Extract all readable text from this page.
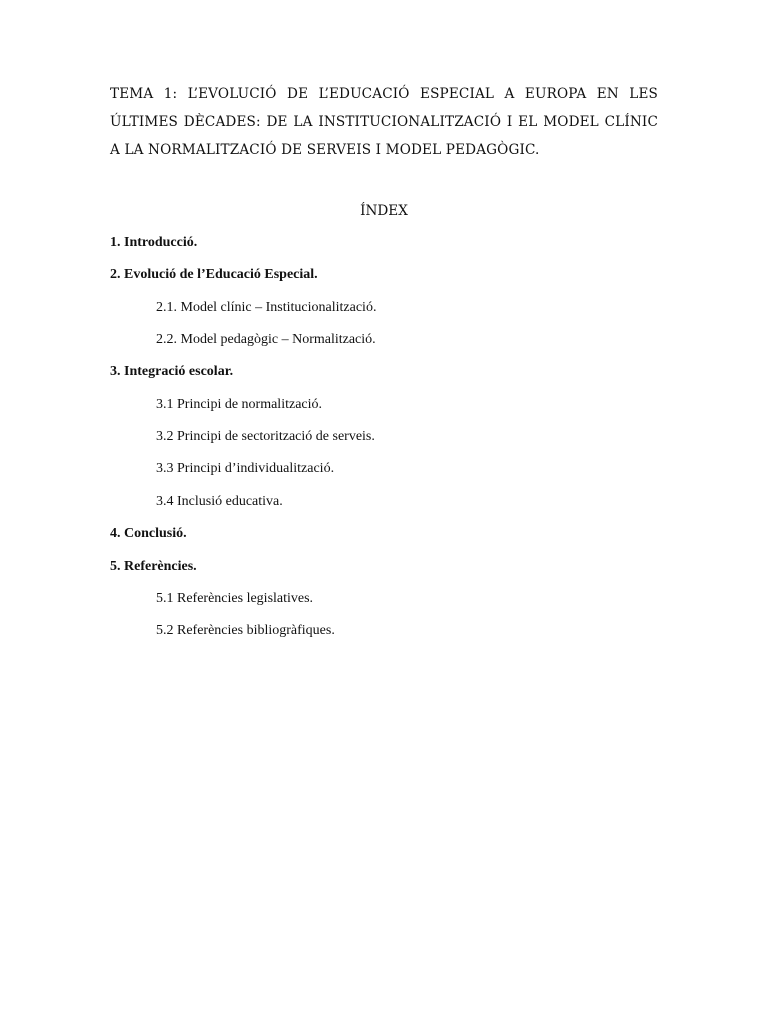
TEMA 1: L’EVOLUCIÓ DE L’EDUCACIÓ ESPECIAL A EUROPA EN LES ÚLTIMES DÈCADES: DE LA INSTITUCIONALITZACIÓ I EL MODEL CLÍNIC A LA NORMALITZACIÓ DE SERVEIS I MODEL PEDAGÒGIC.
ÍNDEX
1. Introducció.
2. Evolució de l’Educació Especial.
2.1. Model clínic – Institucionalització.
2.2. Model pedagògic – Normalització.
3. Integració escolar.
3.1 Principi de normalització.
3.2 Principi de sectorització de serveis.
3.3 Principi d’individualització.
3.4 Inclusió educativa.
4. Conclusió.
5. Referències.
5.1 Referències legislatives.
5.2 Referències bibliogràfiques.
